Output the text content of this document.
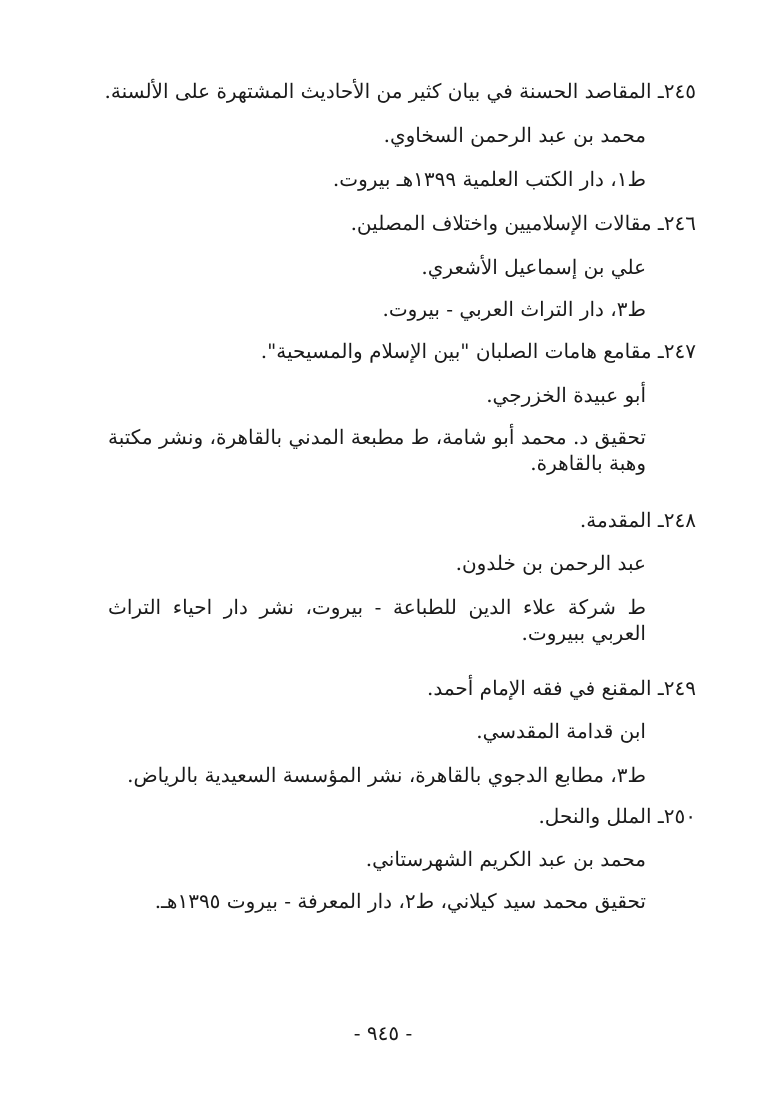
٢٤٥ـ المقاصد الحسنة في بيان كثير من الأحاديث المشتهرة على الألسنة.
محمد بن عبد الرحمن السخاوي.
ط١، دار الكتب العلمية ١٣٩٩هـ بيروت.
٢٤٦ـ مقالات الإسلاميين واختلاف المصلين.
علي بن إسماعيل الأشعري.
ط٣، دار التراث العربي - بيروت.
٢٤٧ـ مقامع هامات الصلبان "بين الإسلام والمسيحية".
أبو عبيدة الخزرجي.
تحقيق د. محمد أبو شامة، ط مطبعة المدني بالقاهرة، ونشر مكتبة وهبة بالقاهرة.
٢٤٨ـ المقدمة.
عبد الرحمن بن خلدون.
ط شركة علاء الدين للطباعة - بيروت، نشر دار احياء التراث العربي ببيروت.
٢٤٩ـ المقنع في فقه الإمام أحمد.
ابن قدامة المقدسي.
ط٣، مطابع الدجوي بالقاهرة، نشر المؤسسة السعيدية بالرياض.
٢٥٠ـ الملل والنحل.
محمد بن عبد الكريم الشهرستاني.
تحقيق محمد سيد كيلاني، ط٢، دار المعرفة - بيروت ١٣٩٥هـ.
- ٩٤٥ -
